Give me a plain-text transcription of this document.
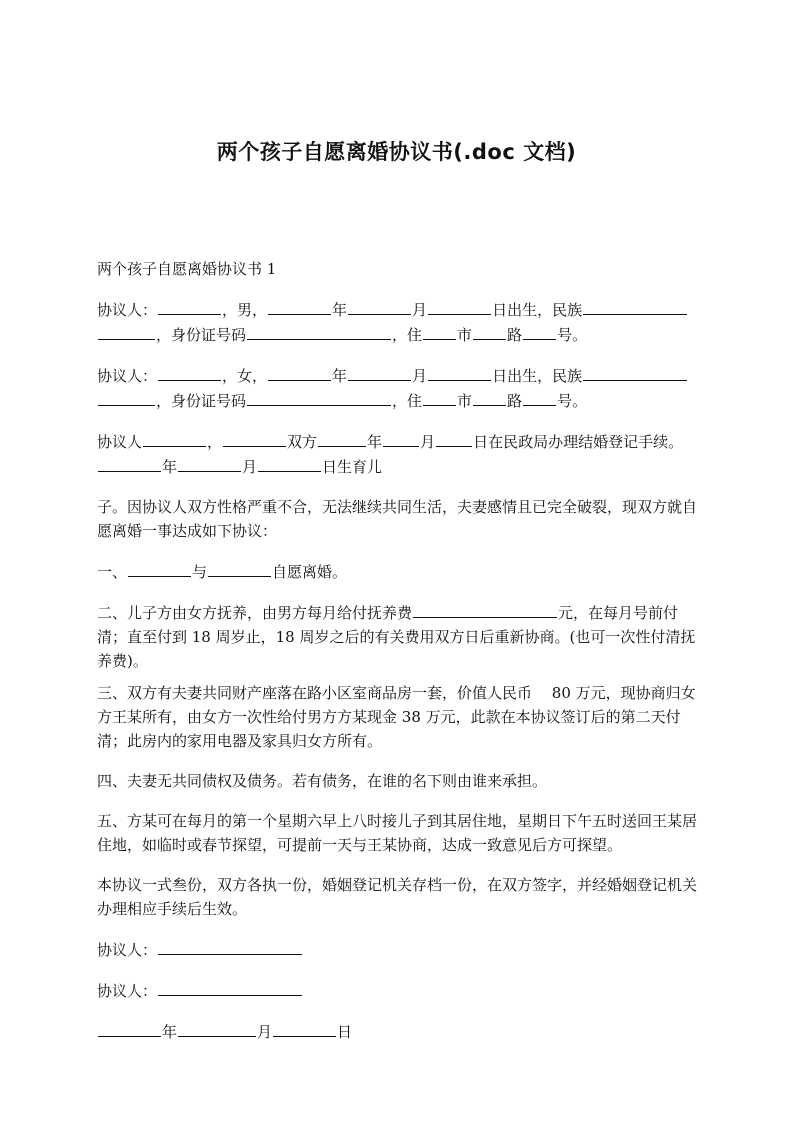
两个孩子自愿离婚协议书(.doc 文档)

两个孩子自愿离婚协议书 1

协议人：	，男，	年	月	日出生，民族，身份证号码	，住 市 路 号。

协议人：	，女，	年	月	日出生，民族，身份证号码	，住 市 路 号。

协议人	，	双方	年	月	日在民政局办理结婚登记手续。年	月	日生育儿

子。因协议人双方性格严重不合，无法继续共同生活，夫妻感情且已完全破裂，现双方就自愿离婚一事达成如下协议：

一、	与	自愿离婚。

二、儿子方由女方抚养，由男方每月给付抚养费	元，在每月号前付清；直至付到 18 周岁止，18 周岁之后的有关费用双方日后重新协商。(也可一次性付清抚养费)。

三、双方有夫妻共同财产座落在路小区室商品房一套，价值人民币　 80 万元，现协商归女方王某所有，由女方一次性给付男方方某现金 38 万元，此款在本协议签订后的第二天付清；此房内的家用电器及家具归女方所有。

四、夫妻无共同债权及债务。若有债务，在谁的名下则由谁来承担。

五、方某可在每月的第一个星期六早上八时接儿子到其居住地，星期日下午五时送回王某居住地，如临时或春节探望，可提前一天与王某协商，达成一致意见后方可探望。

本协议一式叁份，双方各执一份，婚姻登记机关存档一份，在双方签字，并经婚姻登记机关办理相应手续后生效。

协议人：

协议人：

年	月	日
